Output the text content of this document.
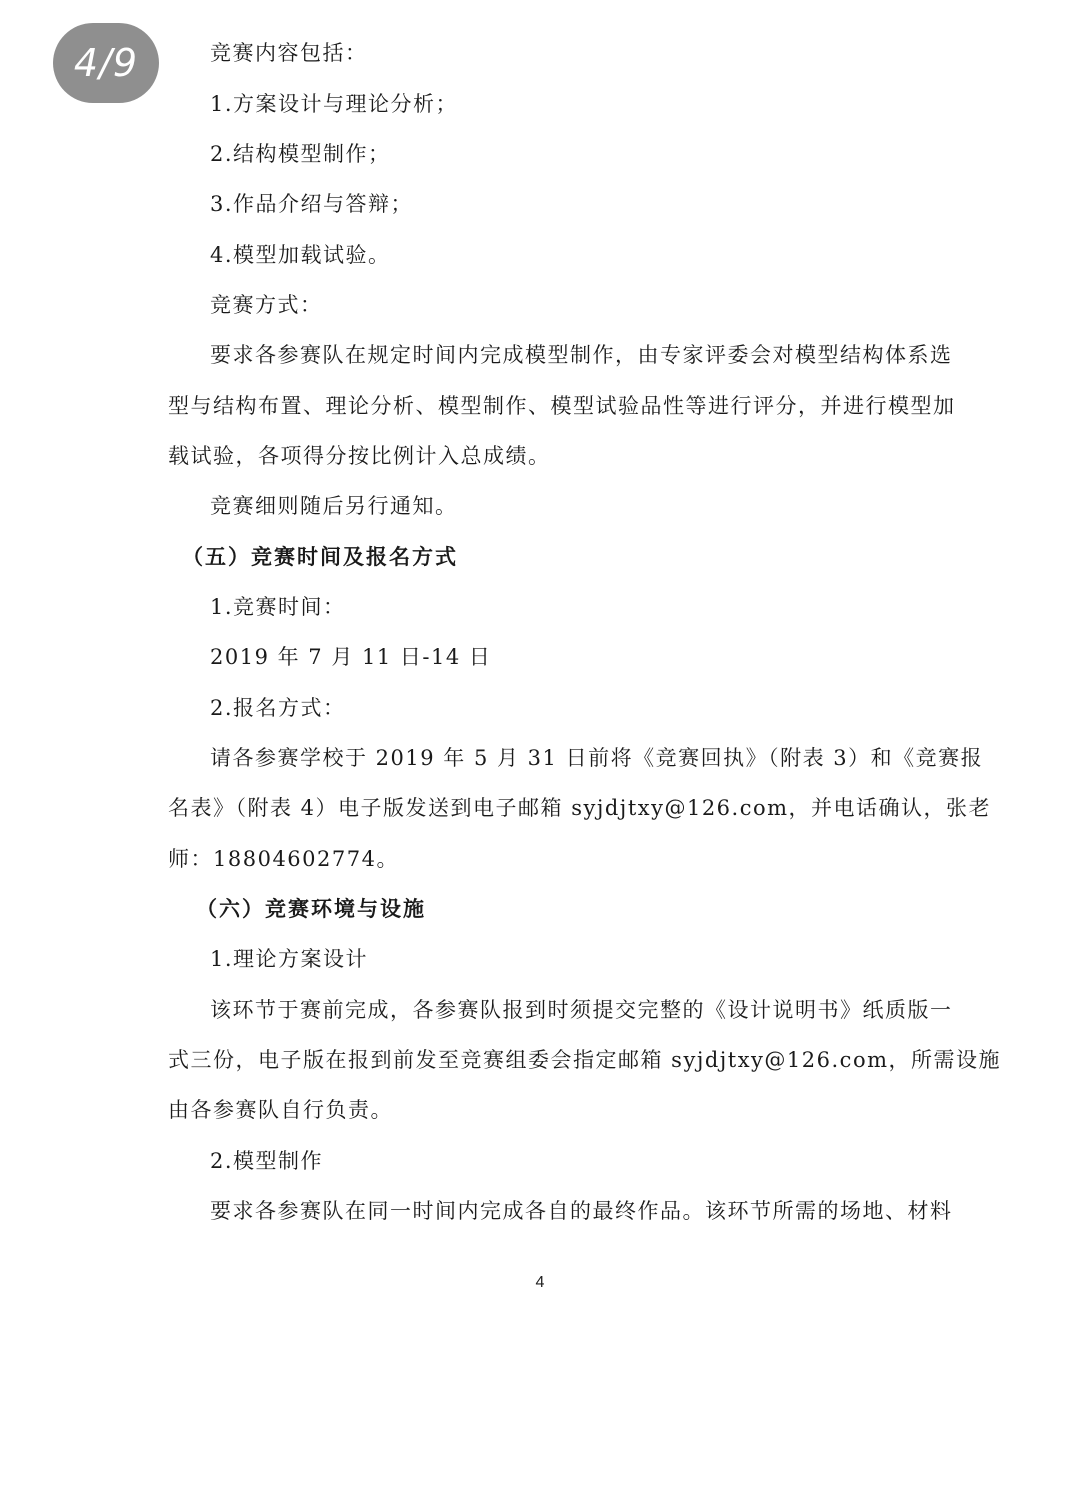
4/9	竞赛内容包括：
1.方案设计与理论分析；
2.结构模型制作；
3.作品介绍与答辩；
4.模型加载试验。
竞赛方式：
要求各参赛队在规定时间内完成模型制作，由专家评委会对模型结构体系选
型与结构布置、理论分析、模型制作、模型试验品性等进行评分，并进行模型加
载试验，各项得分按比例计入总成绩。
竞赛细则随后另行通知。
（五）竞赛时间及报名方式
1.竞赛时间：
2019 年 7 月 11 日-14 日
2.报名方式：
请各参赛学校于 2019 年 5 月 31 日前将《竞赛回执》（附表 3）和《竞赛报
名表》（附表 4）电子版发送到电子邮箱 syjdjtxy@126.com，并电话确认，张老
师：18804602774。
（六）竞赛环境与设施
1.理论方案设计
该环节于赛前完成，各参赛队报到时须提交完整的《设计说明书》纸质版一
式三份，电子版在报到前发至竞赛组委会指定邮箱 syjdjtxy@126.com，所需设施
由各参赛队自行负责。
2.模型制作
要求各参赛队在同一时间内完成各自的最终作品。该环节所需的场地、材料
4
